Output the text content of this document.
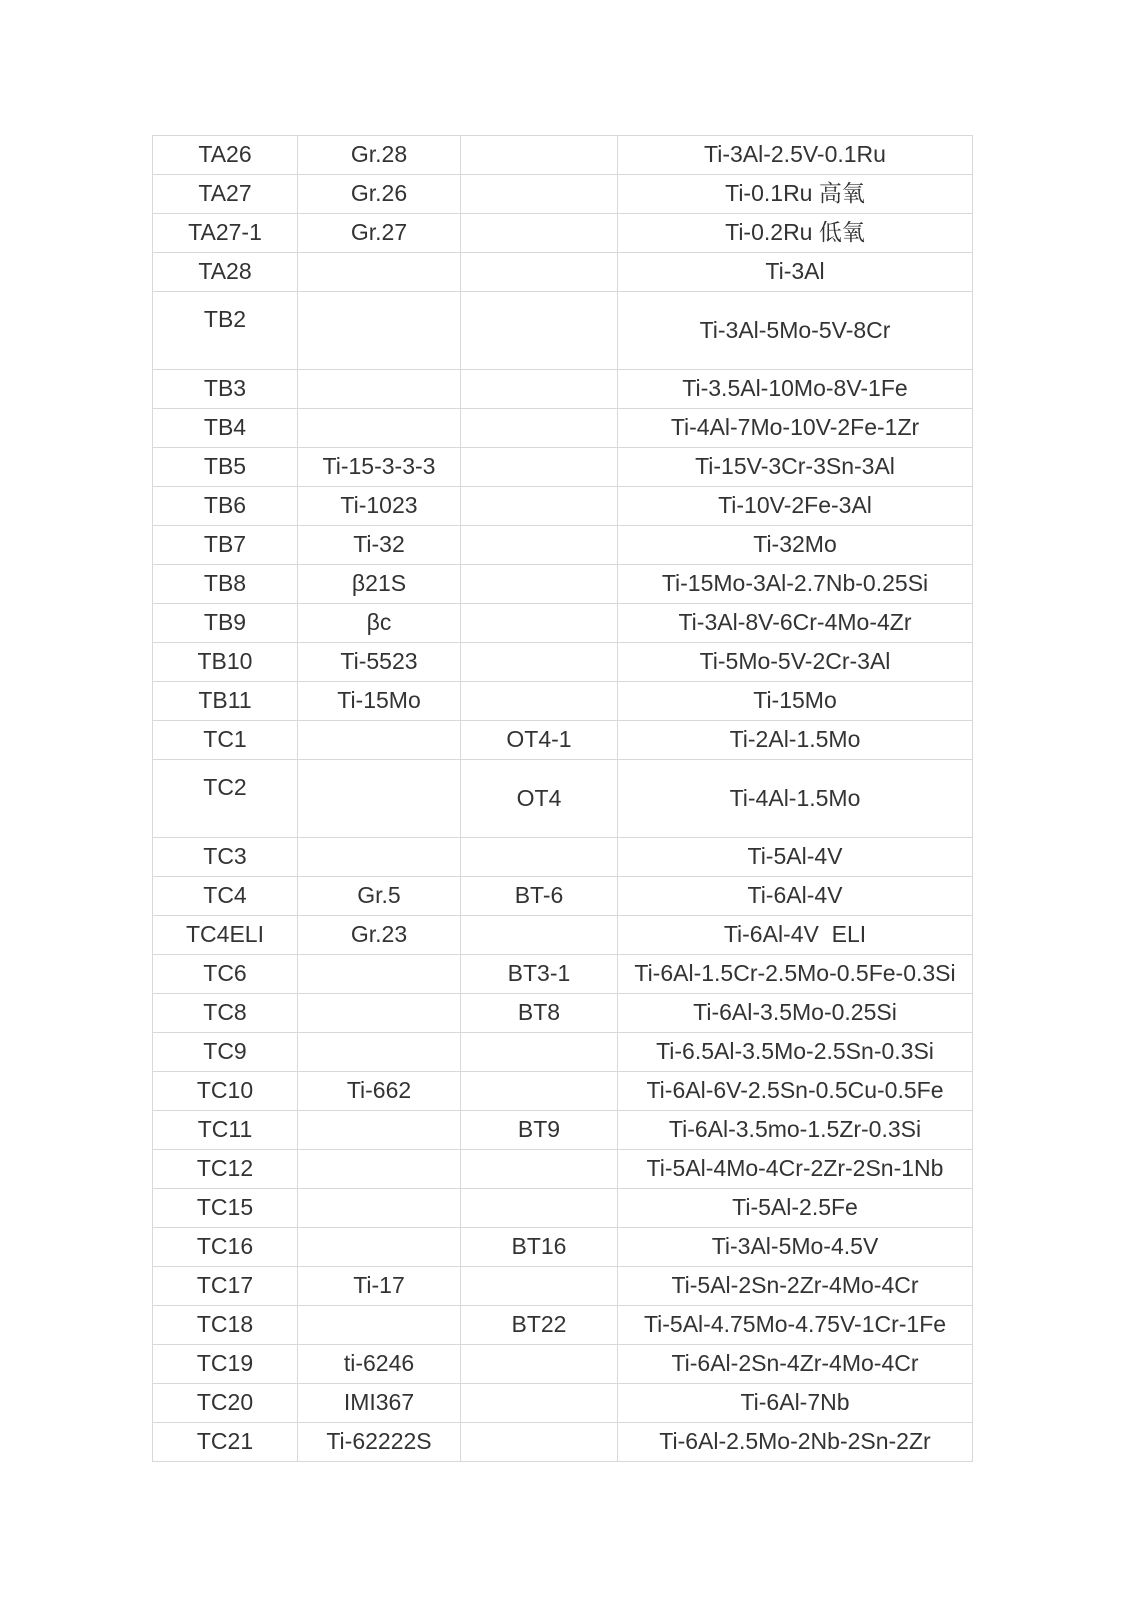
TA26	Gr.28		Ti-3Al-2.5V-0.1Ru
TA27	Gr.26		Ti-0.1Ru 高氧
TA27-1	Gr.27		Ti-0.2Ru 低氧
TA28			Ti-3Al
TB2			Ti-3Al-5Mo-5V-8Cr
TB3			Ti-3.5Al-10Mo-8V-1Fe
TB4			Ti-4Al-7Mo-10V-2Fe-1Zr
TB5	Ti-15-3-3-3		Ti-15V-3Cr-3Sn-3Al
TB6	Ti-1023		Ti-10V-2Fe-3Al
TB7	Ti-32		Ti-32Mo
TB8	β21S		Ti-15Mo-3Al-2.7Nb-0.25Si
TB9	βc		Ti-3Al-8V-6Cr-4Mo-4Zr
TB10	Ti-5523		Ti-5Mo-5V-2Cr-3Al
TB11	Ti-15Mo		Ti-15Mo
TC1		OT4-1	Ti-2Al-1.5Mo
TC2		OT4	Ti-4Al-1.5Mo
TC3			Ti-5Al-4V
TC4	Gr.5	BT-6	Ti-6Al-4V
TC4ELI	Gr.23		Ti-6Al-4V  ELI
TC6		BT3-1	Ti-6Al-1.5Cr-2.5Mo-0.5Fe-0.3Si
TC8		BT8	Ti-6Al-3.5Mo-0.25Si
TC9			Ti-6.5Al-3.5Mo-2.5Sn-0.3Si
TC10	Ti-662		Ti-6Al-6V-2.5Sn-0.5Cu-0.5Fe
TC11		BT9	Ti-6Al-3.5mo-1.5Zr-0.3Si
TC12			Ti-5Al-4Mo-4Cr-2Zr-2Sn-1Nb
TC15			Ti-5Al-2.5Fe
TC16		BT16	Ti-3Al-5Mo-4.5V
TC17	Ti-17		Ti-5Al-2Sn-2Zr-4Mo-4Cr
TC18		BT22	Ti-5Al-4.75Mo-4.75V-1Cr-1Fe
TC19	ti-6246		Ti-6Al-2Sn-4Zr-4Mo-4Cr
TC20	IMI367		Ti-6Al-7Nb
TC21	Ti-62222S		Ti-6Al-2.5Mo-2Nb-2Sn-2Zr
